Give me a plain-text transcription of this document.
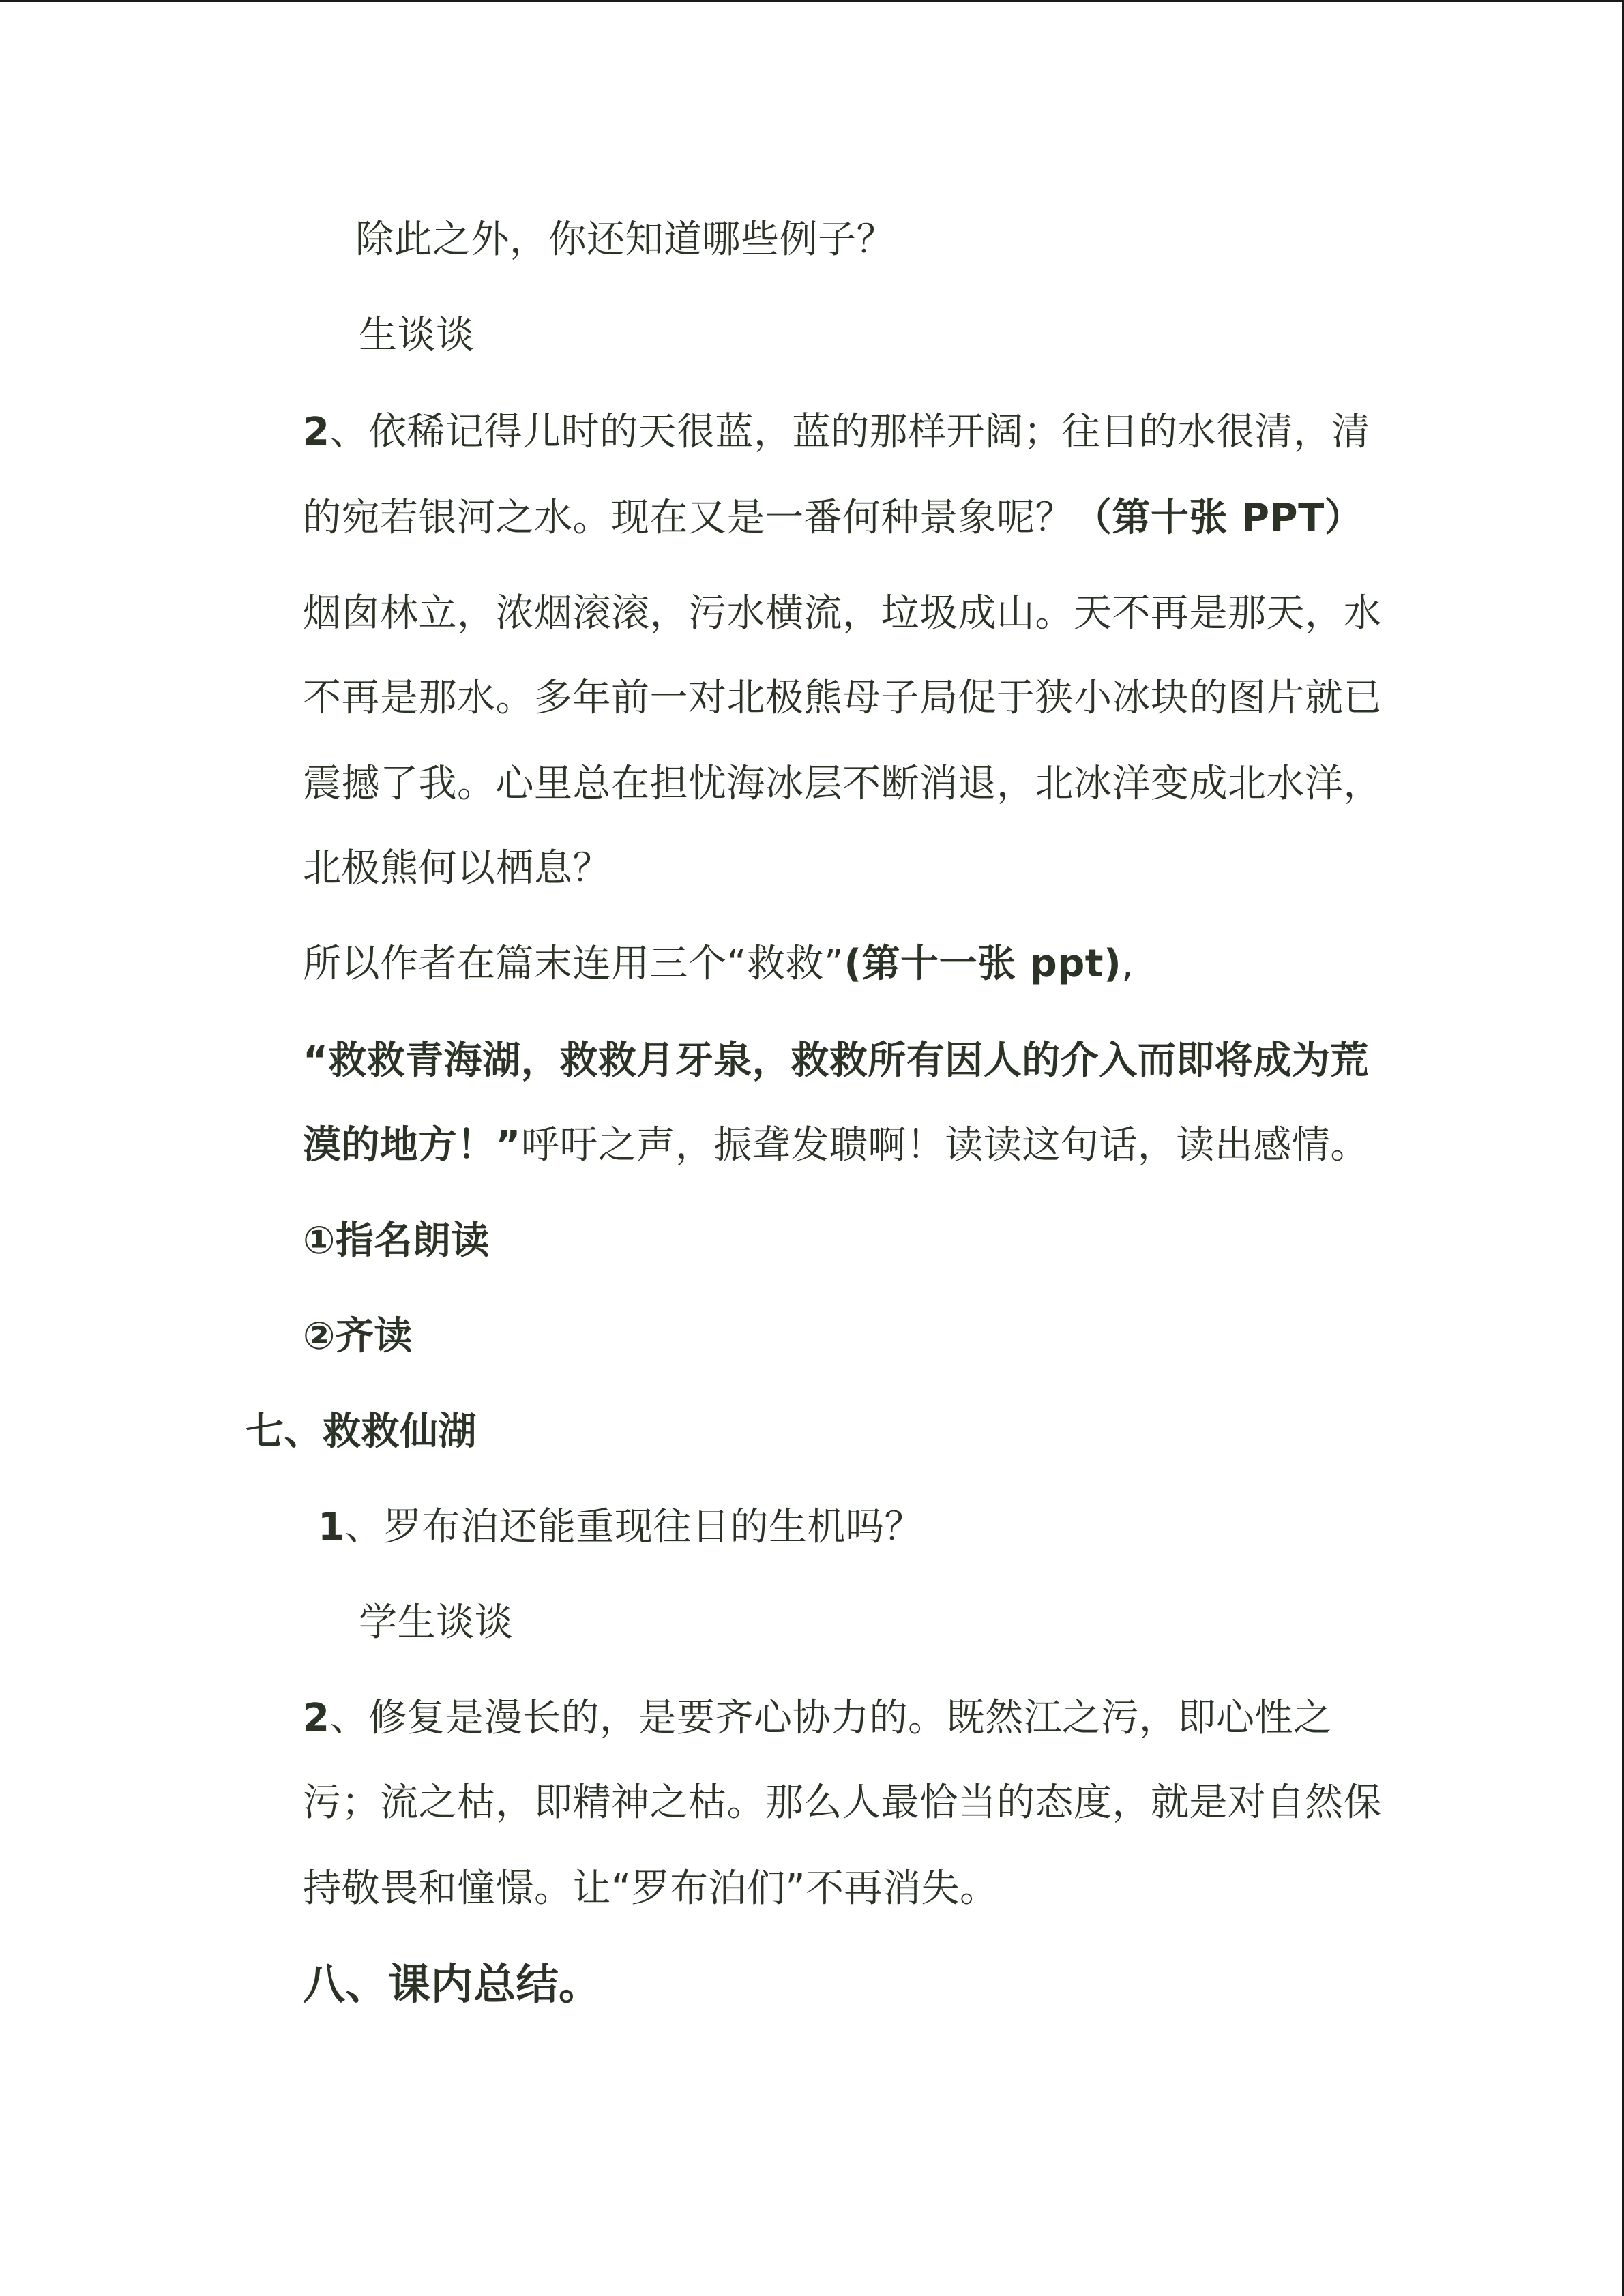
除此之外，你还知道哪些例子？
生谈谈
2、依稀记得儿时的天很蓝，蓝的那样开阔；往日的水很清，清
的宛若银河之水。现在又是一番何种景象呢？（第十张 PPT）
烟囱林立，浓烟滚滚，污水横流，垃圾成山。天不再是那天，水
不再是那水。多年前一对北极熊母子局促于狭小冰块的图片就已
震撼了我。心里总在担忧海冰层不断消退，北冰洋变成北水洋，
北极熊何以栖息？
所以作者在篇末连用三个“救救”(第十一张 ppt),
“救救青海湖，救救月牙泉，救救所有因人的介入而即将成为荒
漠的地方！”呼吁之声，振聋发聩啊！读读这句话，读出感情。
①指名朗读
②齐读
七、救救仙湖
1、罗布泊还能重现往日的生机吗？
学生谈谈
2、修复是漫长的，是要齐心协力的。既然江之污，即心性之
污；流之枯，即精神之枯。那么人最恰当的态度，就是对自然保
持敬畏和憧憬。让“罗布泊们”不再消失。
八、课内总结。
